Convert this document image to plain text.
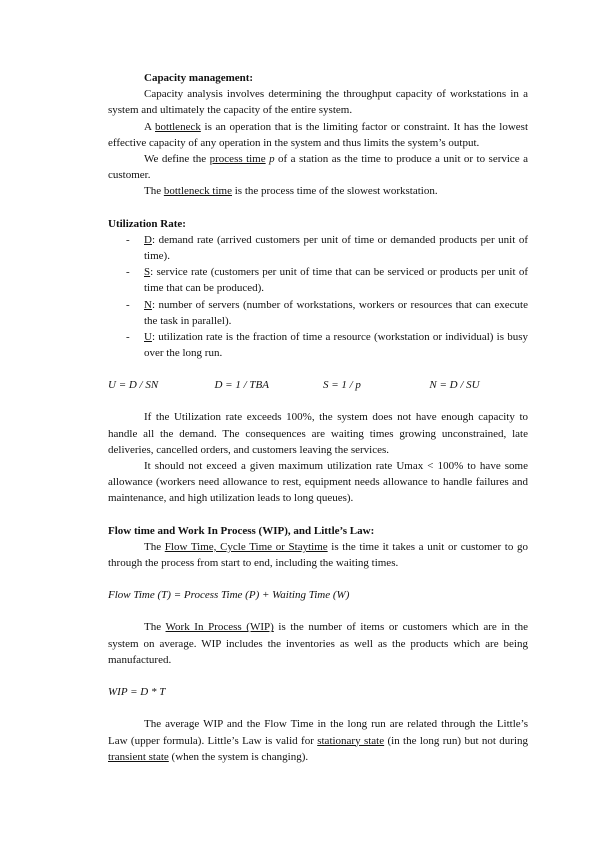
Capacity management:

Capacity analysis involves determining the throughput capacity of workstations in a system and ultimately the capacity of the entire system.

A bottleneck is an operation that is the limiting factor or constraint. It has the lowest effective capacity of any operation in the system and thus limits the system’s output.

We define the process time p of a station as the time to produce a unit or to service a customer.

The bottleneck time is the process time of the slowest workstation.

Utilization Rate:

- D: demand rate (arrived customers per unit of time or demanded products per unit of time).
- S: service rate (customers per unit of time that can be serviced or products per unit of time that can be produced).
- N: number of servers (number of workstations, workers or resources that can execute the task in parallel).
- U: utilization rate is the fraction of time a resource (workstation or individual) is busy over the long run.
U = D / SN	D = 1 / TBA	S = 1 / p	N = D / SU

If the Utilization rate exceeds 100%, the system does not have enough capacity to handle all the demand. The consequences are waiting times growing unconstrained, late deliveries, cancelled orders, and customers leaving the services.

It should not exceed a given maximum utilization rate Umax < 100% to have some allowance (workers need allowance to rest, equipment needs allowance to handle failures and maintenance, and high utilization leads to long queues).

Flow time and Work In Process (WIP), and Little’s Law:

The Flow Time, Cycle Time or Staytime is the time it takes a unit or customer to go through the process from start to end, including the waiting times.

Flow Time (T) = Process Time (P) + Waiting Time (W)

The Work In Process (WIP) is the number of items or customers which are in the system on average. WIP includes the inventories as well as the products which are being manufactured.

WIP = D * T

The average WIP and the Flow Time in the long run are related through the Little’s Law (upper formula). Little’s Law is valid for stationary state (in the long run) but not during transient state (when the system is changing).
